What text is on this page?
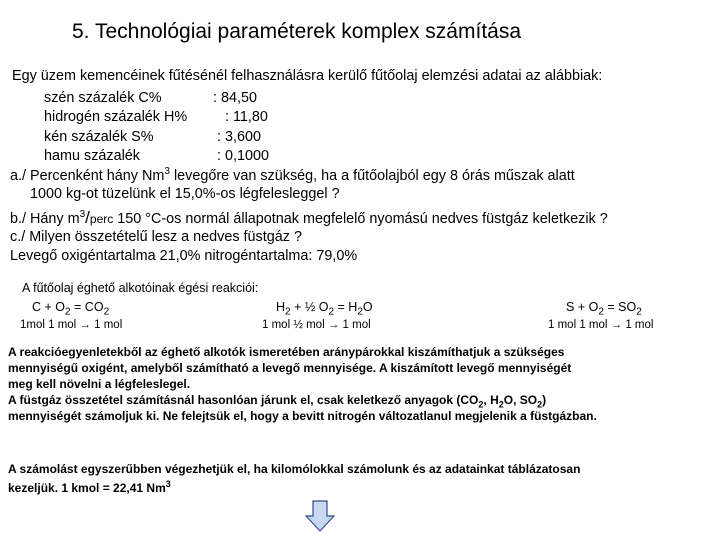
5. Technológiai paraméterek komplex számítása
Egy üzem kemencéinek fűtésénél felhasználásra kerülő fűtőolaj elemzési adatai az alábbiak:
szén százalék C%	: 84,50
hidrogén százalék H%	: 11,80
kén százalék S%	: 3,600
hamu százalék	: 0,1000
a./ Percenként hány Nm$^3$ levegőre van szükség, ha a fűtőolajból egy 8 órás műszak alatt
1000 kg-ot tüzelünk el 15,0%-os légfelesleggel ?
b./ Hány $m^3$/perc 150 °C-os normál állapotnak megfelelő nyomású nedves füstgáz keletkezik ?
c./ Milyen összetételű lesz a nedves füstgáz ?
Levegő oxigéntartalma 21,0% nitrogéntartalma: 79,0%
A fűtőolaj éghető alkotóinak égési reakciói:
$C + O_2 = CO_2$
1mol 1 mol → 1 mol
$H_2$ + ½ $O_2 = H_2O$
1 mol ½ mol → 1 mol
$S + O_2 = SO_2$
1 mol 1 mol → 1 mol
A reakcióegyenletekből az éghető alkotók ismeretében aránypárokkal kiszámíthatjuk a szükséges
mennyiségű oxigént, amelyből számítható a levegő mennyisége. A kiszámított levegő mennyiségét
meg kell növelni a légfeleslegel.
A füstgáz összetétel számításnál hasonlóan járunk el, csak keletkező anyagok ($CO_2$, $H_2O$, $SO_2$)
mennyiségét számoljuk ki. Ne felejtsük el, hogy a bevitt nitrogén változatlanul megjelenik a füstgázban.
A számolást egyszerűbben végezhetjük el, ha kilomólokkal számolunk és az adatainkat táblázatosan
kezeljük. 1 kmol = 22,41 Nm$^3$
